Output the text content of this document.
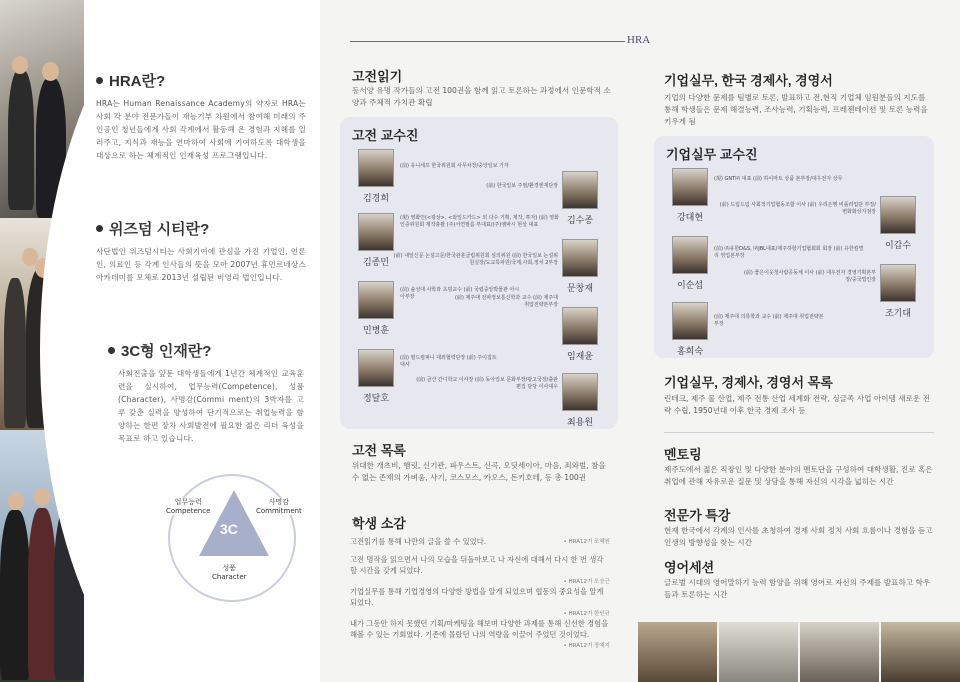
HRA란?
HRA는 Human Renaissance Academy의 약자로 HRA는 사회 각 분야 전문가들이 재능기부 차원에서 참여해 미래의 주인공인 청년들에게 사회 각계에서 활동해 온 경험과 지혜를 일러주고, 지식과 재능을 연마하여 사회에 기여하도록 대학생을 대상으로 하는 체계적인 인재육성 프로그램입니다.
위즈덤 시티란?
사단법인 위즈덤시티는 사회기여에 관심을 가진 기업인, 언론인, 의료인 등 각계 인사들의 뜻을 모아 2007년 휴먼르네상스 아카데미를 모체로 2013년 설립된 비영리 법인입니다.
3C형 인재란?
사회진출을 앞둔 대학생들에게 1년간 체계적인 교육훈련을 실시하여, 업무능력(Competence), 성품(Character), 사명감(Commi ment)의 3박자를 고루 갖춘 실력을 양성하여 단기적으로는 취업능력을 함양하는 한편 장차 사회발전에 필요한 젊은 리더 육성을 목표로 하고 있습니다.
3C
업무능력
Competence
사명감
Commitment
성품
Character
HRA
고전읽기
동서양 유명 작가들의 고전 100권을 함께 읽고 토론하는 과정에서 인문학적 소양과 주체적 가치관 확립
고전 교수진
김경희
(前) 유니세프 한국위원회 사무차장/중앙일보 기자
김수종
(前) 한국일보 주필/환경엔재단장
김종민
(現) 영화인(<광상>, <와일드카드> 외 다수 기획, 제작, 투자) (前) 영화인증위원회 제작총괄 (주)서연필름 부대표/(주)엠파시 현상 대표
문창재
(前) 내일신문 논설고문/한국관훈클럽위원회 심의위원 (前) 한국일보 논설위원실장/도교특파원/국제,사회,정치 2부장
민병훈
(前) 솔성대 사학과 초빙교수 (前) 국립중앙박물관 아시아부장
임재윤
(前) 제주대 전파정보통신학과 교수 (前) 제주대 취업전략본부장
정달호
(前) 필드컴퍼니 대외협력단장 (前) 주이집트 대사
최용원
(前) 금산 간디학교 이사장 (前) 동아일보 문화부장/광고국장/출판편집 담당 이사대우
고전 목록
위대한 개츠비, 햄릿, 신기관, 파우스트, 신곡, 오딧세이아, 마음, 죄와벌, 참을 수 없는 존재의 가벼움, 사기, 코스모스, 카오스, 돈키호테, 등 총 100권
학생 소감
고전읽기를 통해 나만의 글을 쓸 수 있었다.	• HRA12기 조혜원
고전 명작을 읽으면서 나의 모습을 뒤돌아보고 나 자신에 대해서 다시 한 번 생각할 시간을 갖게 되었다.
• HRA12기 오승근
기업실무를 통해 기업경영의 다양한 방법을 알게 되었으며 협동의 중요성을 알게 되었다.
• HRA12기 한인규
내가 그동안 하지 못했던 기획/마케팅을 해보며 다양한 과제를 통해 신선한 경험을 해볼 수 있는 기회였다. 기존에 몰랐던 나의 역량을 이끌어 주었던 것이었다.
• HRA12기 장예지
기업실무, 한국 경제사, 경영서
기업의 다양한 문제를 팀별로 토론, 발표하고 전,현직 기업체 임원분들의 지도를 통해 학생들은 문제 해결능력, 조사능력, 기획능력, 프레젠테이션 및 토론 능력을 키우게 됨
기업실무 교수진
강대현
(現) GNT㈜ 대표 (前) 하이마트 상품 본부장/대우전자 상무
이갑수
(前) 드림드림 사회적기업협동조합 이사 (前) 우리은행 비플러업단 부장/변화화상지점장
이순섭
(前) ㈜유한D&S, ㈜JBL대표/제주하항기업협회회 회장 (前) 유한킴벌리 영업본부장
조기대
(前) 좋은이웃청사람공동체 이사 (前) 대우전자 경영기획본부장/중국법인장
홍희숙
(前) 제주대 의류학과 교수 (前) 제주대 취업전략본부장
기업실무, 경제사, 경영서 목록
린테크, 제주 물 산업, 제주 전통 산업 세계화 전략, 싱글족 사업 아이템 새로운 전략 수립, 1950년대 이후 한국 경제 조사 등
멘토링
제주도에서 젊은 직장인 및 다양한 분야의 멘토단을 구성하여 대학생활, 진로 혹은 취업에 관해 자유로운 질문 및 상담을 통해 자신의 시각을 넓히는 시간
전문가 특강
현재 한국에서 각계의 인사를 초청하여 경제 사회 정치 사회 흐름이나 경험을 듣고 인생의 방향성을 찾는 시간
영어세션
글로벌 시대의 영어말하기 능력 함양을 위해 영어로 자신의 주제를 발표하고 학우들과 토론하는 시간
